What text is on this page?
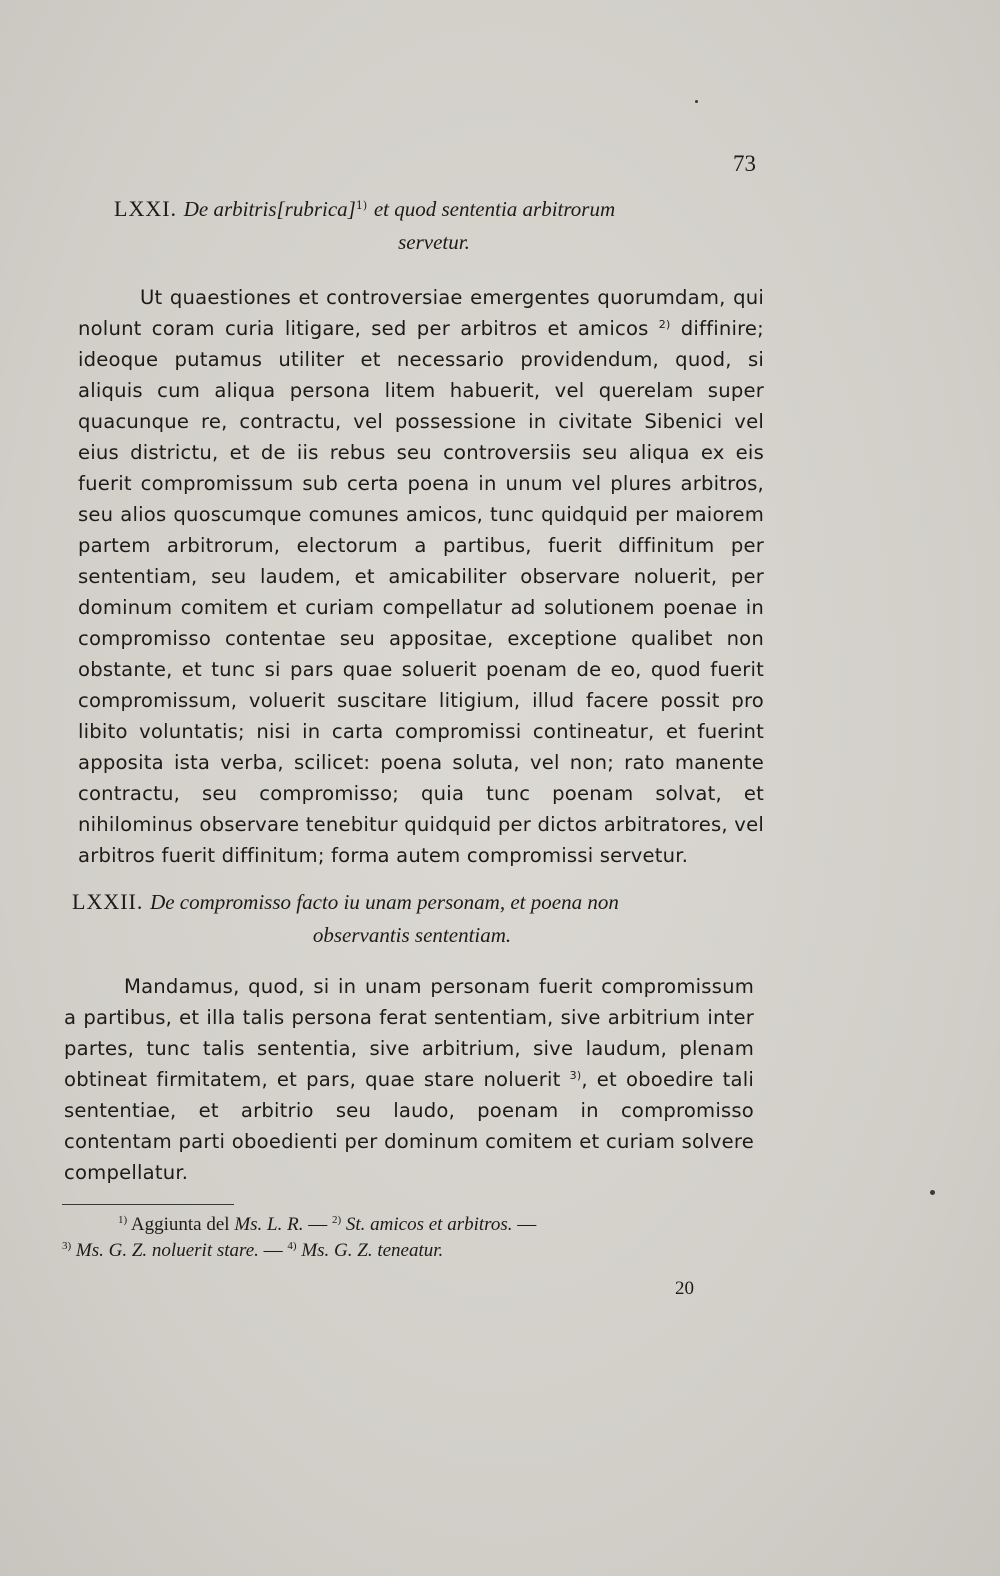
73
LXXI. De arbitris[rubrica]$^{1)}$ et quod sententia arbitrorum
servetur.

Ut quaestiones et controversiae emergentes quorumdam, qui nolunt coram curia litigare, sed per arbitros et amicos $^{2)}$ diffinire; ideoque putamus utiliter et necessario providendum, quod, si aliquis cum aliqua persona litem habuerit, vel querelam super quacunque re, contractu, vel possessione in civitate Sibenici vel eius districtu, et de iis rebus seu controversiis seu aliqua ex eis fuerit compromissum sub certa poena in unum vel plures arbitros, seu alios quoscumque comunes amicos, tunc quidquid per maiorem partem arbitrorum, electorum a partibus, fuerit diffinitum per sententiam, seu laudem, et amicabiliter observare noluerit, per dominum comitem et curiam compellatur ad solutionem poenae in compromisso contentae seu appositae, exceptione qualibet non obstante, et tunc si pars quae soluerit poenam de eo, quod fuerit compromissum, voluerit suscitare litigium, illud facere possit pro libito voluntatis; nisi in carta compromissi contineatur, et fuerint apposita ista verba, scilicet: poena soluta, vel non; rato manente contractu, seu compromisso; quia tunc poenam solvat, et nihilominus observare tenebitur quidquid per dictos arbitratores, vel arbitros fuerit diffinitum; forma autem compromissi servetur.

LXXII. De compromisso facto iu unam personam, et poena non
observantis sententiam.

Mandamus, quod, si in unam personam fuerit compromissum a partibus, et illa talis persona ferat sententiam, sive arbitrium inter partes, tunc talis sententia, sive arbitrium, sive laudum, plenam obtineat firmitatem, et pars, quae stare noluerit $^{3)}$, et oboedire tali sententiae, et arbitrio seu laudo, poenam in compromisso contentam parti oboedienti per dominum comitem et curiam solvere compellatur.

$^{1)}$ Aggiunta del Ms. L. R. — $^{2)}$ St. amicos et arbitros. —
$^{3)}$ Ms. G. Z. noluerit stare. — $^{4)}$ Ms. G. Z. teneatur.
20
